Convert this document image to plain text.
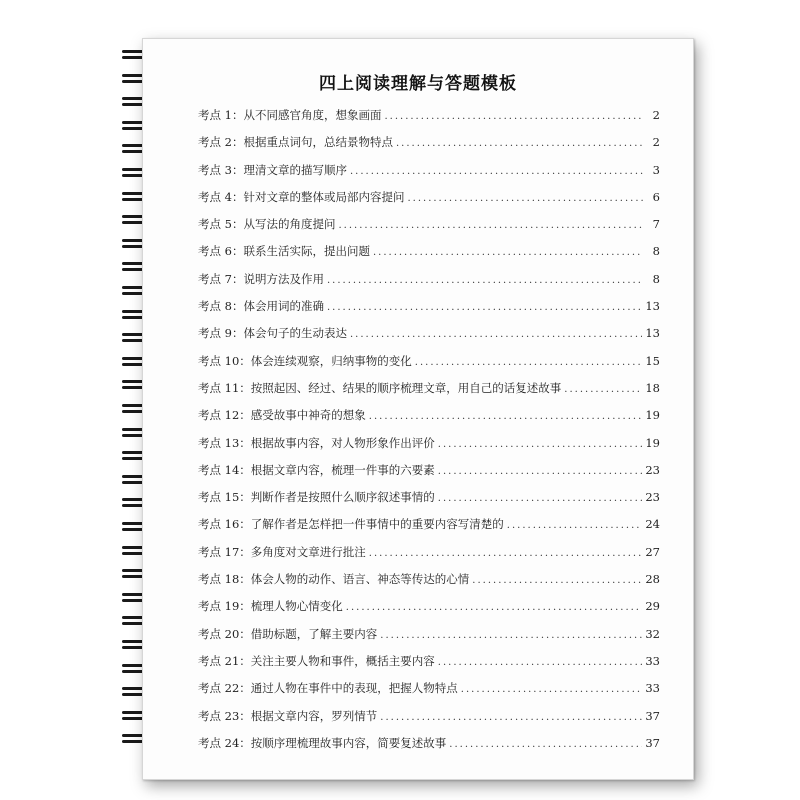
四上阅读理解与答题模板
考点 1： 从不同感官角度，想象画面 .....	2
考点 2： 根据重点词句，总结景物特点 .....	2
考点 3： 理清文章的描写顺序 .....	3
考点 4： 针对文章的整体或局部内容提问 .....	6
考点 5： 从写法的角度提问 .....	7
考点 6： 联系生活实际，提出问题 .....	8
考点 7： 说明方法及作用 .....	8
考点 8： 体会用词的准确 .....	13
考点 9： 体会句子的生动表达 .....	13
考点 10： 体会连续观察，归纳事物的变化 .....	15
考点 11： 按照起因、经过、结果的顺序梳理文章，用自己的话复述故事 .....	18
考点 12： 感受故事中神奇的想象 .....	19
考点 13： 根据故事内容，对人物形象作出评价 .....	19
考点 14： 根据文章内容，梳理一件事的六要素 .....	23
考点 15： 判断作者是按照什么顺序叙述事情的 .....	23
考点 16： 了解作者是怎样把一件事情中的重要内容写清楚的 .....	24
考点 17： 多角度对文章进行批注 .....	27
考点 18： 体会人物的动作、语言、神态等传达的心情 .....	28
考点 19： 梳理人物心情变化 .....	29
考点 20： 借助标题，了解主要内容 .....	32
考点 21： 关注主要人物和事件，概括主要内容 .....	33
考点 22： 通过人物在事件中的表现，把握人物特点 .....	33
考点 23： 根据文章内容，罗列情节 .....	37
考点 24： 按顺序理梳理故事内容，简要复述故事 .....	37
